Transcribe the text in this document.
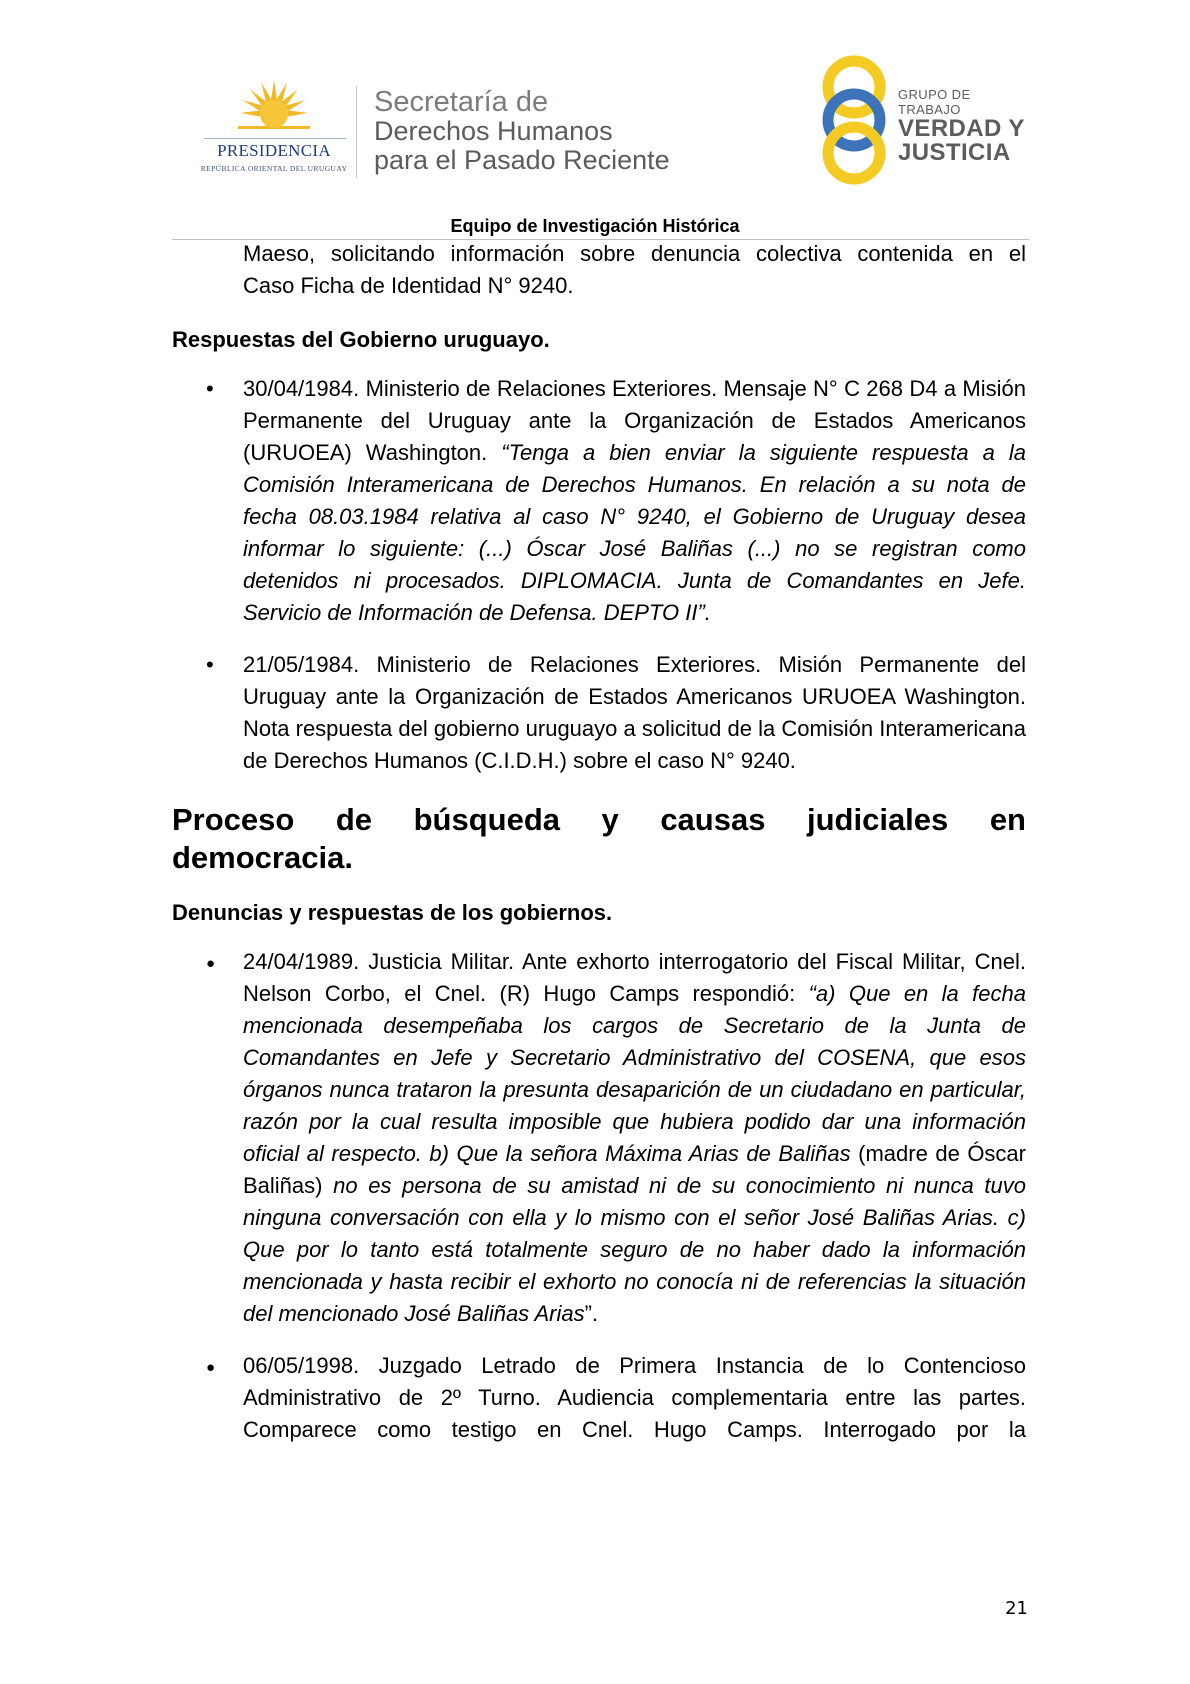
PRESIDENCIA
REPÚBLICA ORIENTAL DEL URUGUAY
Secretaría de
Derechos Humanos
para el Pasado Reciente
GRUPO DE TRABAJO
VERDAD Y
JUSTICIA
Equipo de Investigación Histórica
Maeso, solicitando información sobre denuncia colectiva contenida en el
Caso Ficha de Identidad N° 9240.
Respuestas del Gobierno uruguayo.
• 30/04/1984. Ministerio de Relaciones Exteriores. Mensaje N° C 268 D4 a Misión Permanente del Uruguay ante la Organización de Estados Americanos (URUOEA) Washington. “Tenga a bien enviar la siguiente respuesta a la Comisión Interamericana de Derechos Humanos. En relación a su nota de fecha 08.03.1984 relativa al caso N° 9240, el Gobierno de Uruguay desea informar lo siguiente: (...) Óscar José Baliñas (...) no se registran como detenidos ni procesados. DIPLOMACIA. Junta de Comandantes en Jefe. Servicio de Información de Defensa. DEPTO II”.
• 21/05/1984. Ministerio de Relaciones Exteriores. Misión Permanente del Uruguay ante la Organización de Estados Americanos URUOEA Washington. Nota respuesta del gobierno uruguayo a solicitud de la Comisión Interamericana de Derechos Humanos (C.I.D.H.) sobre el caso N° 9240.
Proceso de búsqueda y causas judiciales en
democracia.
Denuncias y respuestas de los gobiernos.
● 24/04/1989. Justicia Militar. Ante exhorto interrogatorio del Fiscal Militar, Cnel. Nelson Corbo, el Cnel. (R) Hugo Camps respondió: “a) Que en la fecha mencionada desempeñaba los cargos de Secretario de la Junta de Comandantes en Jefe y Secretario Administrativo del COSENA, que esos órganos nunca trataron la presunta desaparición de un ciudadano en particular, razón por la cual resulta imposible que hubiera podido dar una información oficial al respecto. b) Que la señora Máxima Arias de Baliñas (madre de Óscar Baliñas) no es persona de su amistad ni de su conocimiento ni nunca tuvo ninguna conversación con ella y lo mismo con el señor José Baliñas Arias. c) Que por lo tanto está totalmente seguro de no haber dado la información mencionada y hasta recibir el exhorto no conocía ni de referencias la situación del mencionado José Baliñas Arias”.
● 06/05/1998. Juzgado Letrado de Primera Instancia de lo Contencioso Administrativo de 2º Turno. Audiencia complementaria entre las partes. Comparece como testigo en Cnel. Hugo Camps. Interrogado por la
21
